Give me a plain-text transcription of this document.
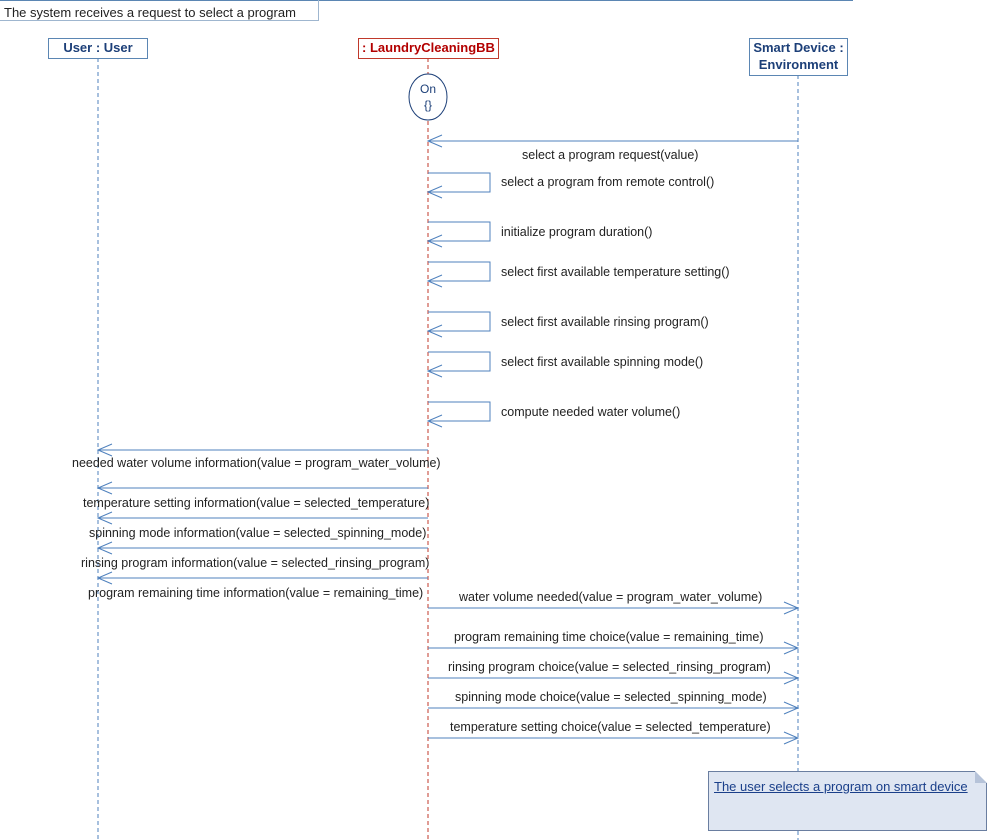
The system receives a request to select a program
User : User	: LaundryCleaningBB	Smart Device :
Environment
On
{}
select a program request(value)
select a program from remote control()
initialize program duration()
select first available temperature setting()
select first available rinsing program()
select first available spinning mode()
compute needed water volume()
needed water volume information(value = program_water_volume)
temperature setting information(value = selected_temperature)
spinning mode information(value = selected_spinning_mode)
rinsing program information(value = selected_rinsing_program)
program remaining time information(value = remaining_time)	water volume needed(value = program_water_volume)
program remaining time choice(value = remaining_time)
rinsing program choice(value = selected_rinsing_program)
spinning mode choice(value = selected_spinning_mode)
temperature setting choice(value = selected_temperature)
The user selects a program on smart device
